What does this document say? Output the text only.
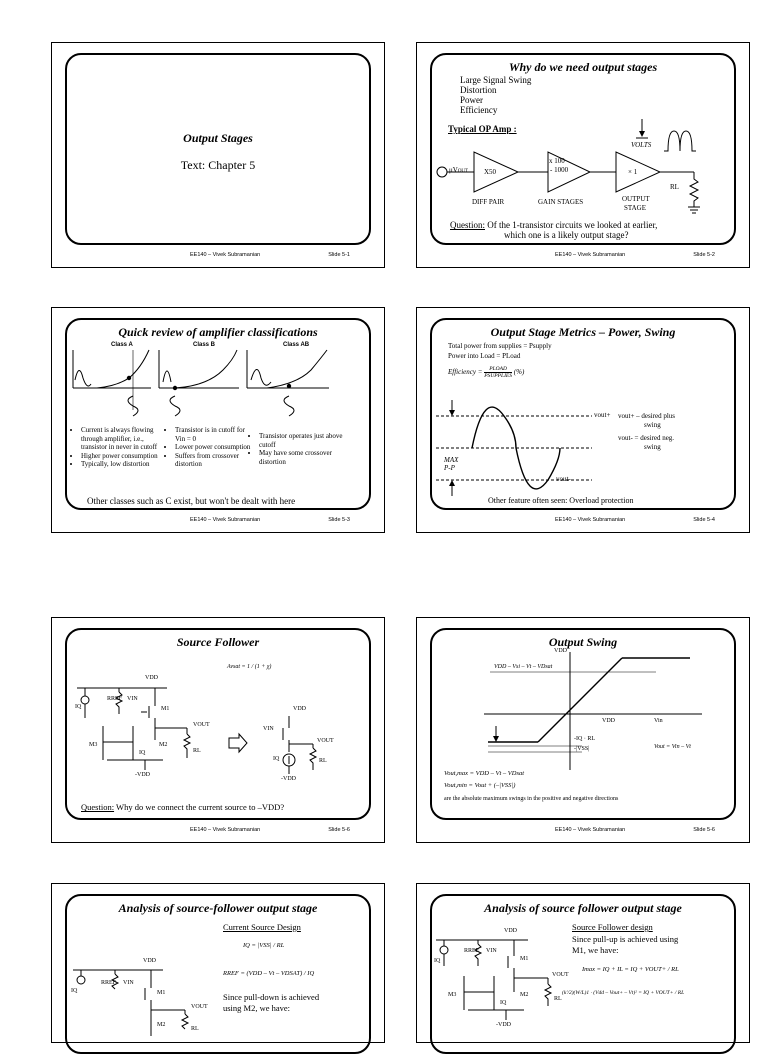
Output Stages
Text: Chapter 5
EE140 – Vivek Subramanian	Slide 5-1
Why do we need output stages
Large Signal Swing
Distortion
Power
Efficiency
Typical OP Amp :
μVOUT X50
x 100
- 1000	× 1
VOLTS
RL
DIFF PAIR	GAIN STAGES	OUTPUT
STAGE
Question: Of the 1-transistor circuits we looked at earlier,
which one is a likely output stage?
EE140 – Vivek Subramanian	Slide 5-2
Quick review of amplifier classifications
Class A	Class B	Class AB
• Current is always flowing through amplifier, i.e., transistor in never in cutoff
• Higher power consumption
• Typically, low distortion
• Transistor is in cutoff for Vin = 0
• Lower power consumption
• Suffers from crossover distortion
• Transistor operates just above cutoff
• May have some crossover distortion
Other classes such as C exist, but won't be dealt with here
EE140 – Vivek Subramanian	Slide 5-3
Output Stage Metrics – Power, Swing
Total power from supplies = Psupply
Power into Load = PLoad
Efficiency =	PLOAD
PSUPPLIES (%)
vout+
vout-
MAX
P-P
vout+ – desired plus
swing
vout- = desired neg.
swing
Other feature often seen: Overload protection
EE140 – Vivek Subramanian	Slide 5-4
Source Follower
Avsat = 1 / (1 + χ)
VDD
RREF VIN
M1
IQ
VOUT
M3	M2
IQ	RL
-VDD
VDD
VIN
VOUT
IQ	RL
-VDD
Question: Why do we connect the current source to –VDD?
EE140 – Vivek Subramanian	Slide 5-6
Output Swing
VDD
VDD – Vsi – Vt – VDsat
VDD	Vin
-IQ · RL
-|VSS|	Vout = Vin – Vt
Vout,max = VDD – Vt – VDsat
Vout,min = Vout + (–|VSS|)
are the absolute maximum swings in the positive and negative directions
EE140 – Vivek Subramanian	Slide 5-6
Analysis of source-follower output stage
Current Source Design
IQ = |VSS| / RL
RREF = (VDD – Vt – VDSAT) / IQ
Since pull-down is achieved
using M2, we have:
VDD
RREF VIN
M1
IQ
VOUT
M2
RL
Analysis of source follower output stage
Source Follower design
Since pull-up is achieved using
M1, we have:
Imax = IQ + IL = IQ + VOUT+ / RL
(k'/2)(W/L)1 · (Vdd – Vout+ – Vt)² = IQ + VOUT+ / RL
VDD
RREF VIN
M1
IQ
VOUT
M3	M2
IQ
RL
-VDD
